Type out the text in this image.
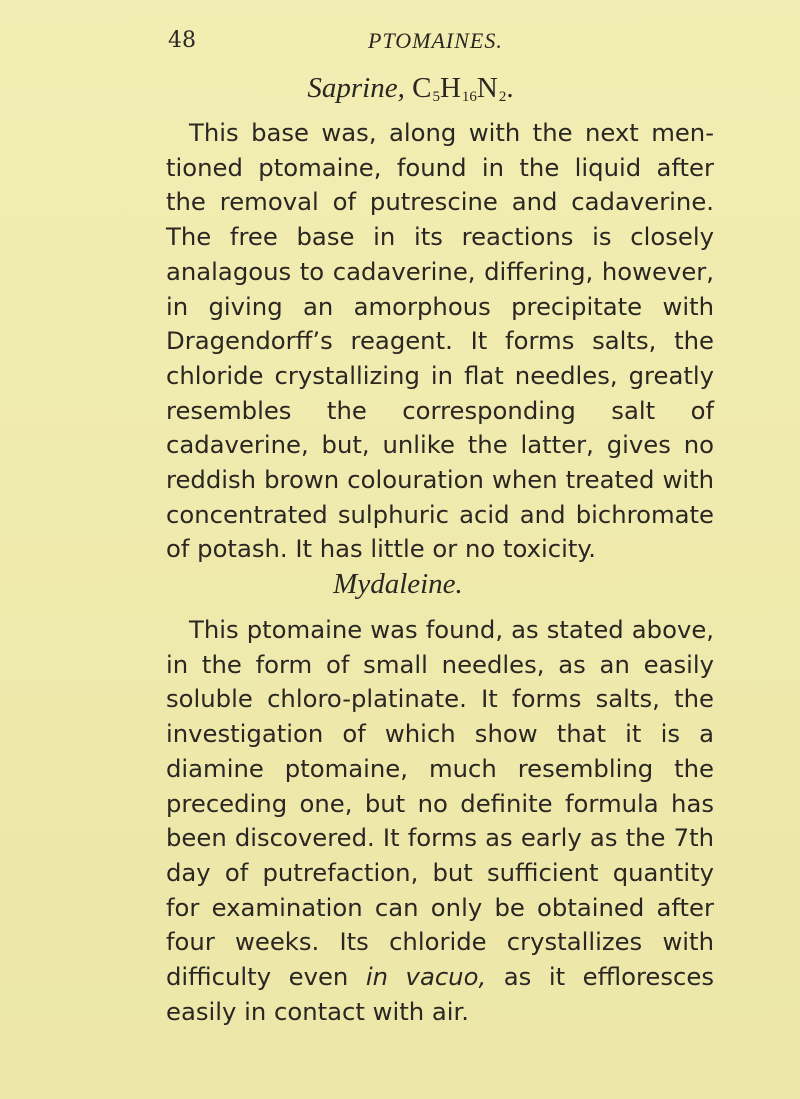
48	PTOMAINES.
Saprine, $C_5H_{16}N_2$.

This base was, along with the next mentioned ptomaine, found in the liquid after the removal of putrescine and cadaverine. The free base in its reactions is closely analagous to cadaverine, differing, however, in giving an amorphous precipitate with Dragendorff’s reagent. It forms salts, the chloride crystallizing in flat needles, greatly resembles the corresponding salt of cadaverine, but, unlike the latter, gives no reddish brown colouration when treated with concentrated sulphuric acid and bichromate of potash. It has little or no toxicity.

Mydaleine.

This ptomaine was found, as stated above, in the form of small needles, as an easily soluble chloro-platinate. It forms salts, the investigation of which show that it is a diamine ptomaine, much resembling the preceding one, but no definite formula has been discovered. It forms as early as the 7th day of putrefaction, but sufficient quantity for examination can only be obtained after four weeks. Its chloride crystallizes with difficulty even in vacuo, as it effloresces easily in contact with air.
